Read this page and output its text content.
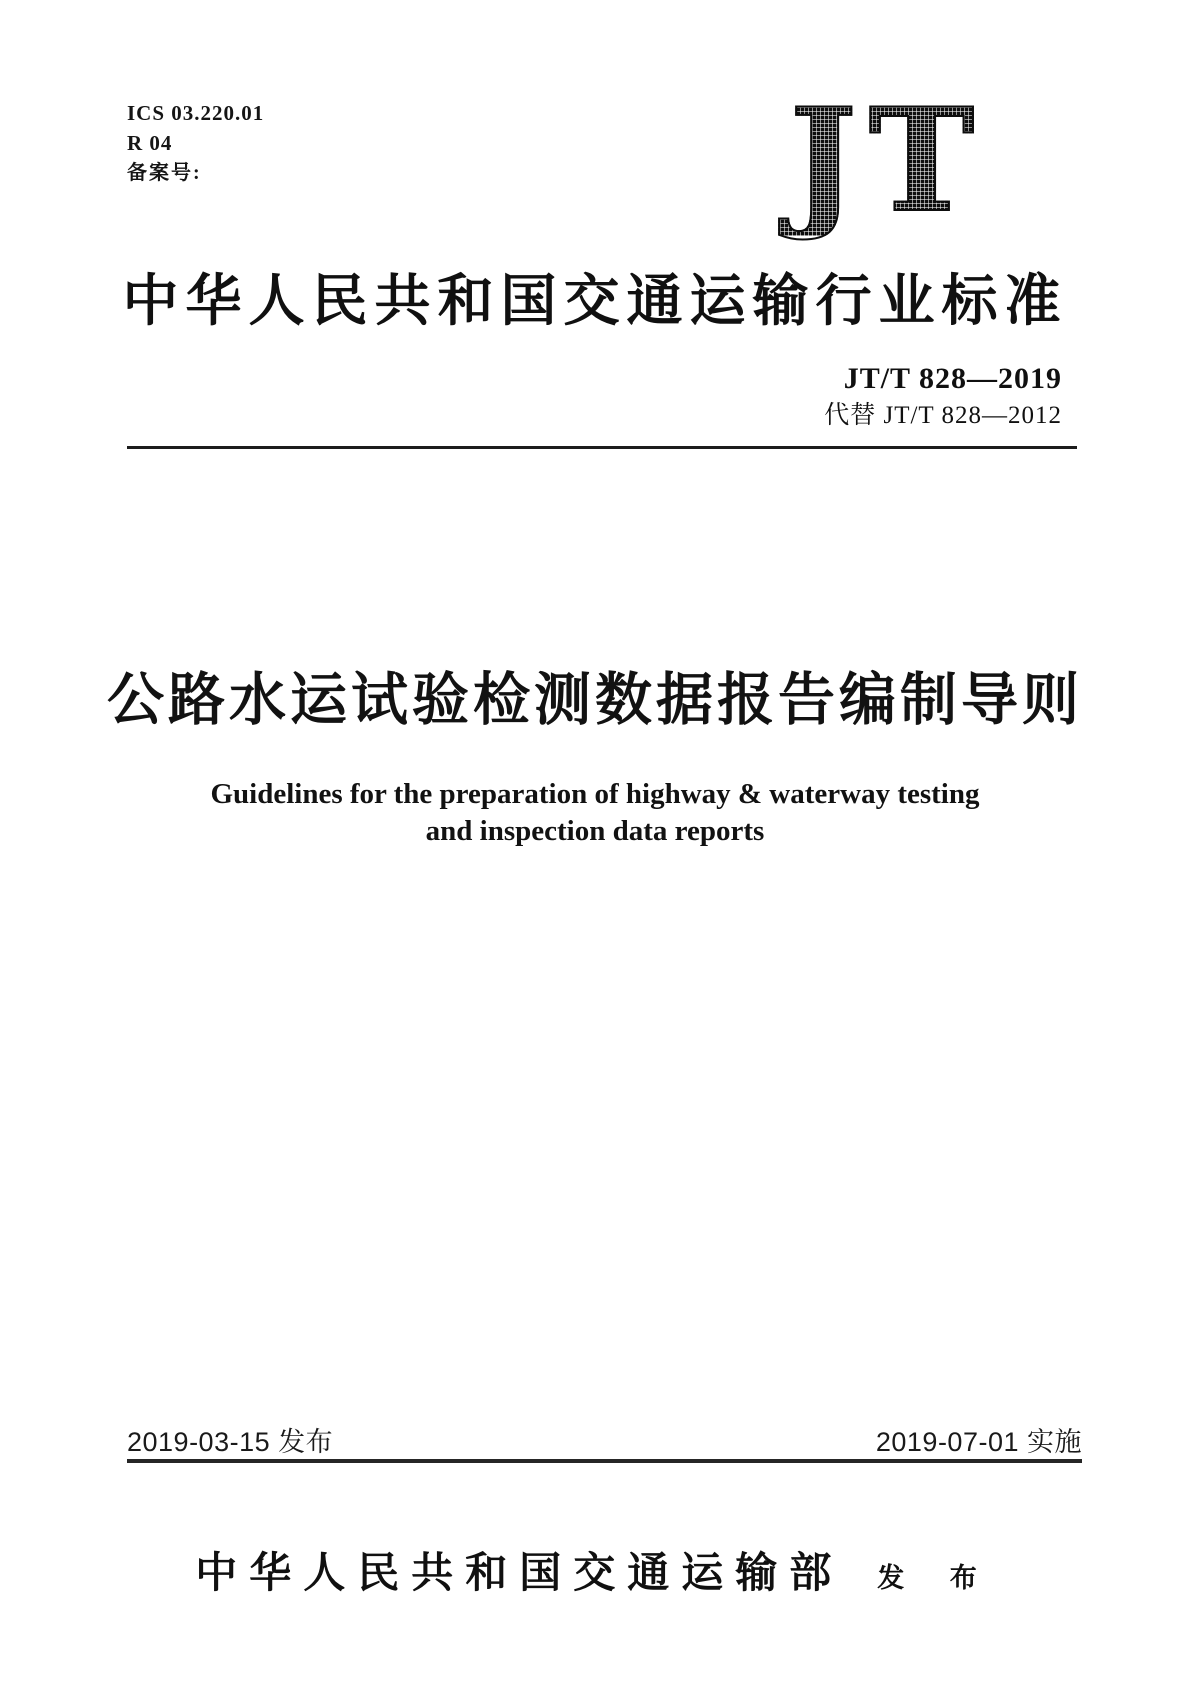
ICS 03.220.01
R 04
备案号:	JT
中华人民共和国交通运输行业标准
JT/T 828—2019
代替 JT/T 828—2012
公路水运试验检测数据报告编制导则
Guidelines for the preparation of highway & waterway testing
and inspection data reports
2019-03-15 发布	2019-07-01 实施
中华人民共和国交通运输部 发 布
